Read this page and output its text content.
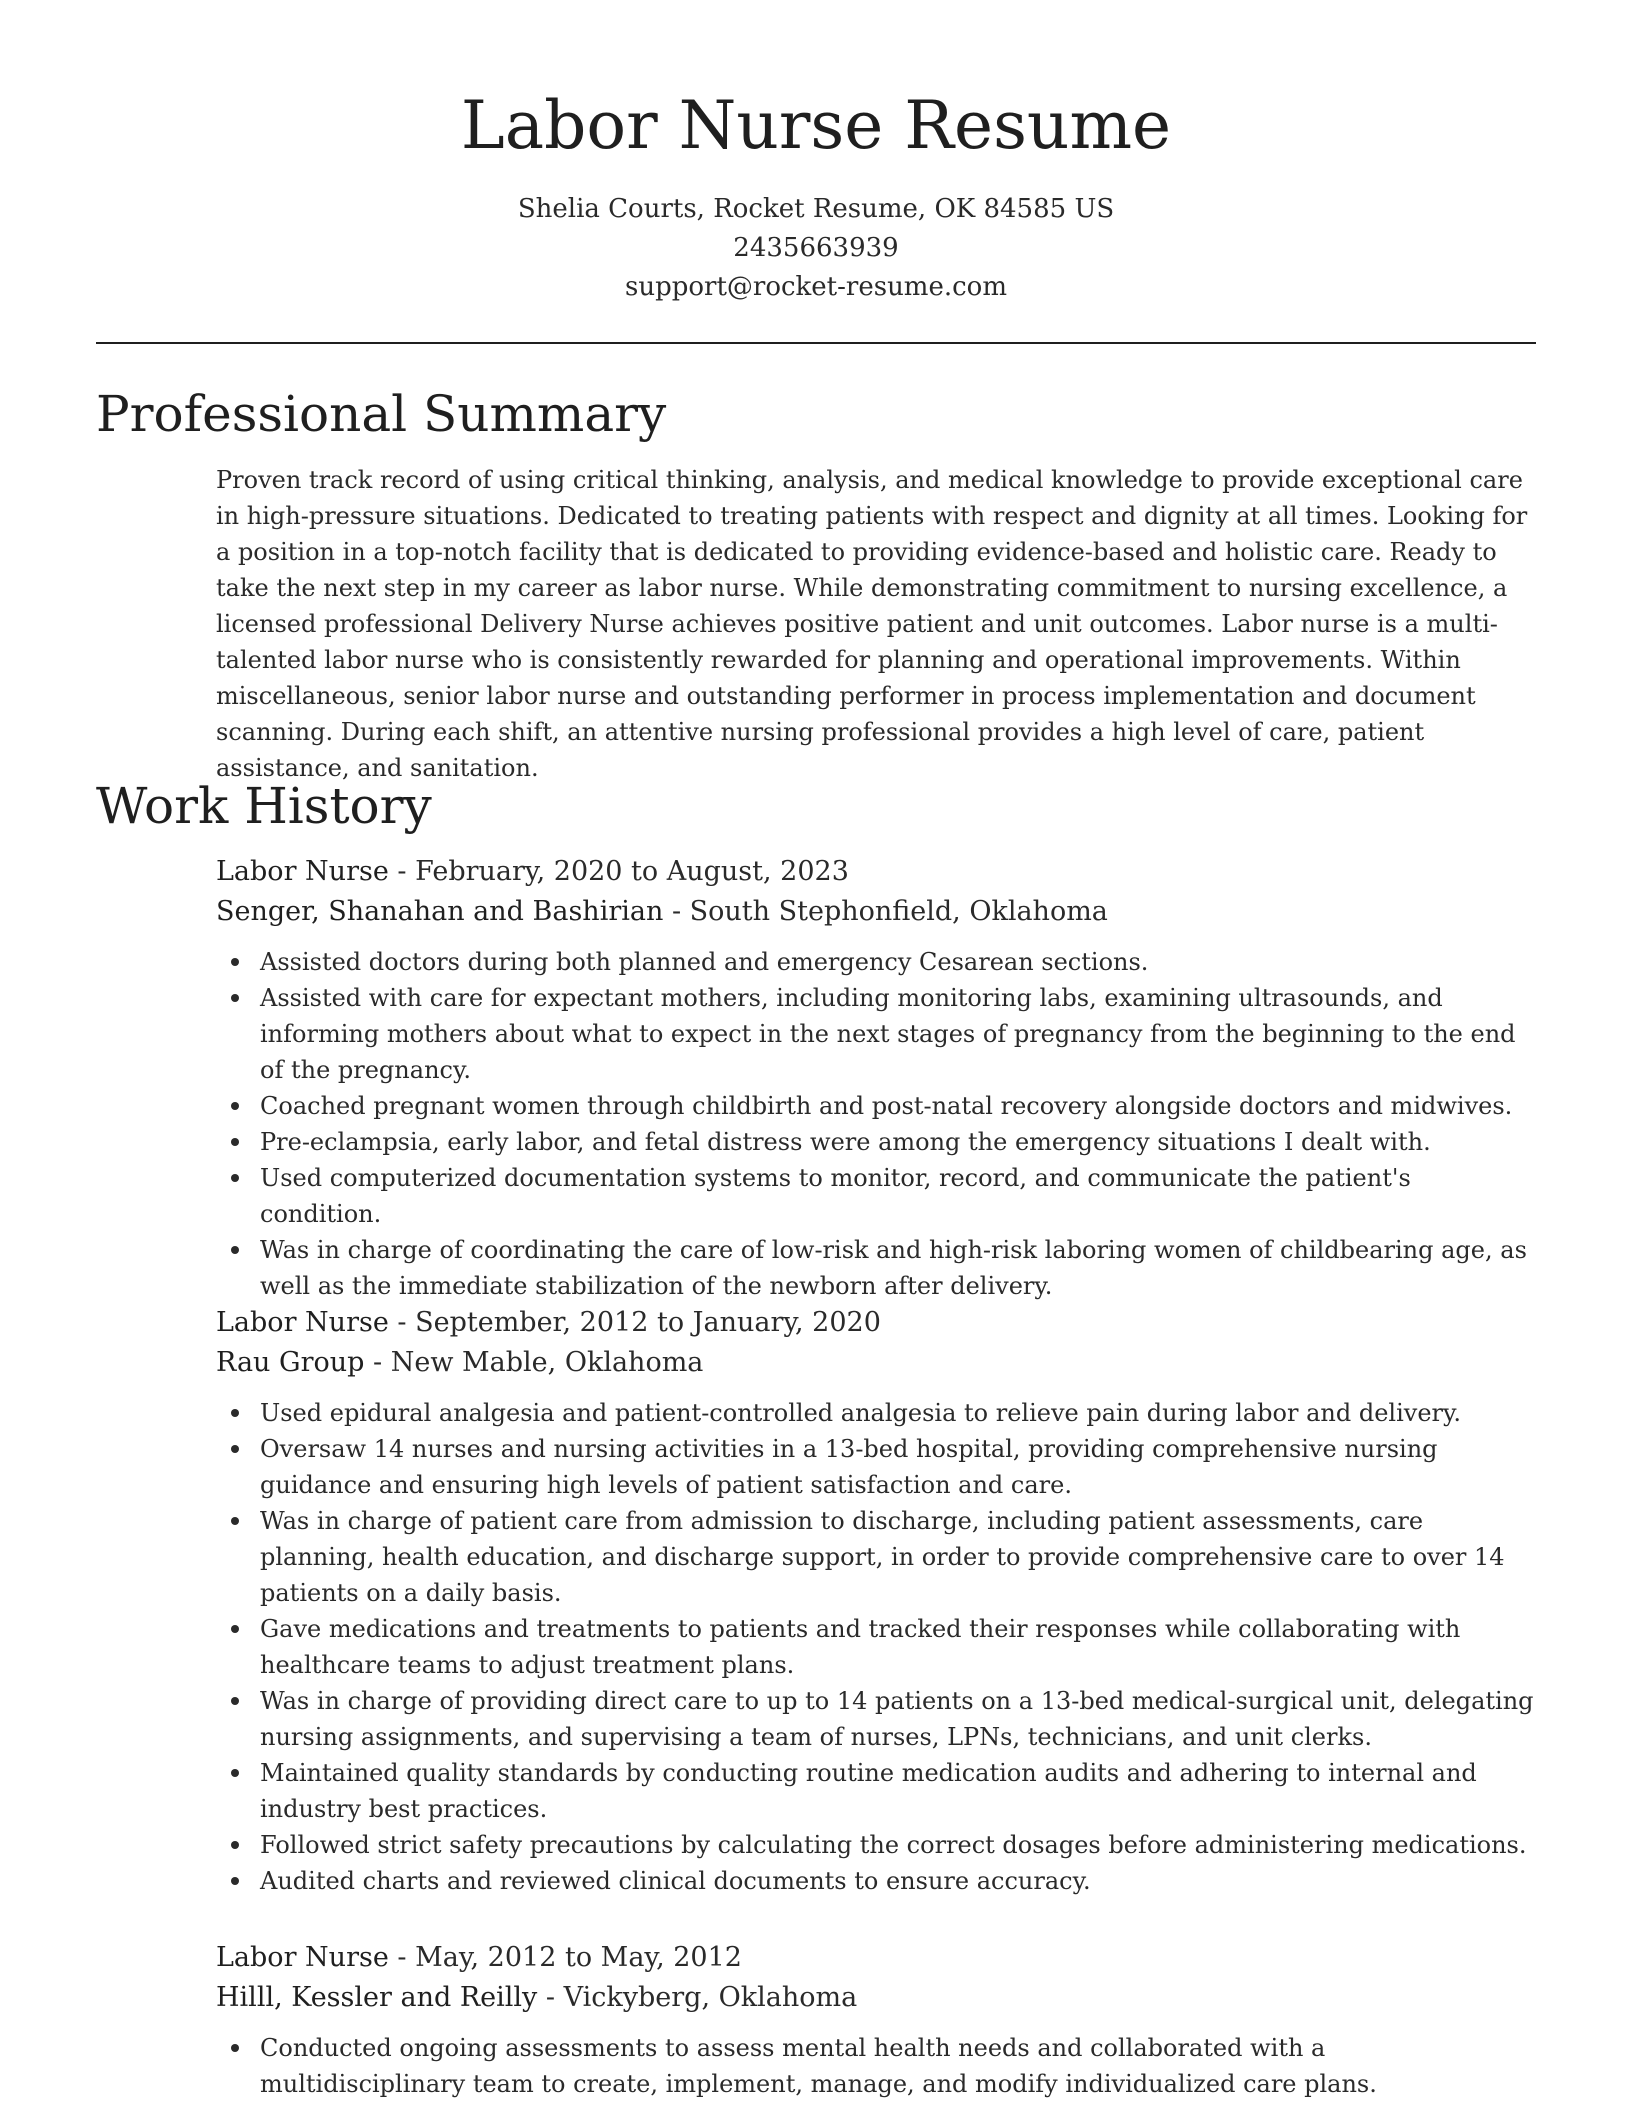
Labor Nurse Resume
Shelia Courts, Rocket Resume, OK 84585 US
2435663939
support@rocket-resume.com
Professional Summary

Proven track record of using critical thinking, analysis, and medical knowledge to provide exceptional care in high-pressure situations. Dedicated to treating patients with respect and dignity at all times. Looking for a position in a top-notch facility that is dedicated to providing evidence-based and holistic care. Ready to take the next step in my career as labor nurse. While demonstrating commitment to nursing excellence, a licensed professional Delivery Nurse achieves positive patient and unit outcomes. Labor nurse is a multi-talented labor nurse who is consistently rewarded for planning and operational improvements. Within miscellaneous, senior labor nurse and outstanding performer in process implementation and document scanning. During each shift, an attentive nursing professional provides a high level of care, patient assistance, and sanitation.

Work History
Labor Nurse - February, 2020 to August, 2023
Senger, Shanahan and Bashirian - South Stephonfield, Oklahoma
Assisted doctors during both planned and emergency Cesarean sections.
Assisted with care for expectant mothers, including monitoring labs, examining ultrasounds, and informing mothers about what to expect in the next stages of pregnancy from the beginning to the end of the pregnancy.
Coached pregnant women through childbirth and post-natal recovery alongside doctors and midwives.
Pre-eclampsia, early labor, and fetal distress were among the emergency situations I dealt with.
Used computerized documentation systems to monitor, record, and communicate the patient's condition.
Was in charge of coordinating the care of low-risk and high-risk laboring women of childbearing age, as well as the immediate stabilization of the newborn after delivery.
Labor Nurse - September, 2012 to January, 2020
Rau Group - New Mable, Oklahoma
Used epidural analgesia and patient-controlled analgesia to relieve pain during labor and delivery.
Oversaw 14 nurses and nursing activities in a 13-bed hospital, providing comprehensive nursing guidance and ensuring high levels of patient satisfaction and care.
Was in charge of patient care from admission to discharge, including patient assessments, care planning, health education, and discharge support, in order to provide comprehensive care to over 14 patients on a daily basis.
Gave medications and treatments to patients and tracked their responses while collaborating with healthcare teams to adjust treatment plans.
Was in charge of providing direct care to up to 14 patients on a 13-bed medical-surgical unit, delegating nursing assignments, and supervising a team of nurses, LPNs, technicians, and unit clerks.
Maintained quality standards by conducting routine medication audits and adhering to internal and industry best practices.
Followed strict safety precautions by calculating the correct dosages before administering medications.
Audited charts and reviewed clinical documents to ensure accuracy.
Labor Nurse - May, 2012 to May, 2012
Hilll, Kessler and Reilly - Vickyberg, Oklahoma
Conducted ongoing assessments to assess mental health needs and collaborated with a multidisciplinary team to create, implement, manage, and modify individualized care plans.
